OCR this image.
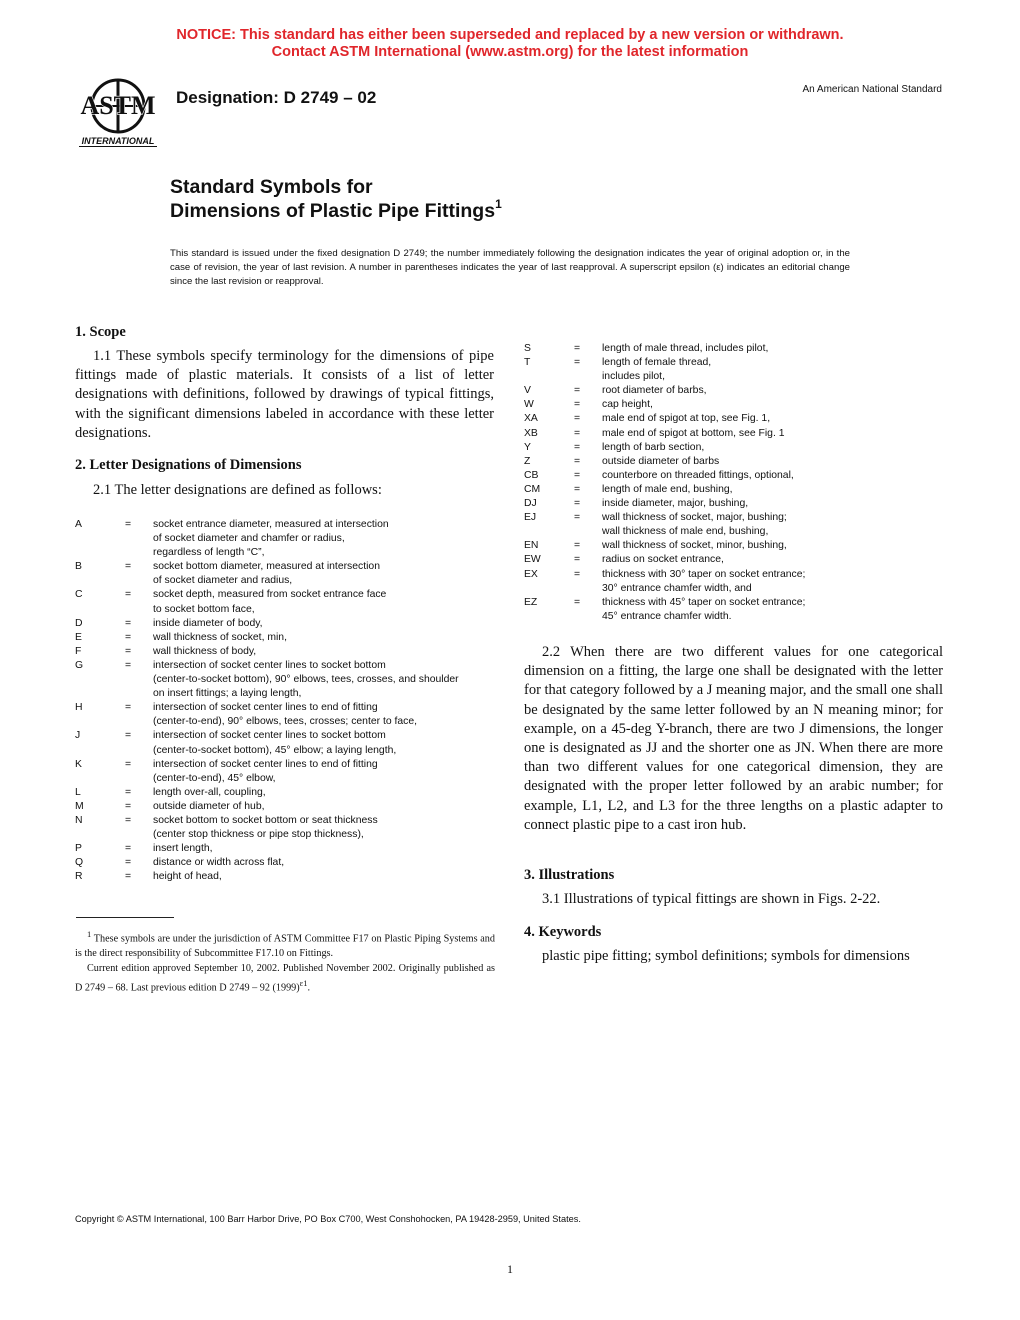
NOTICE: This standard has either been superseded and replaced by a new version or withdrawn.
Contact ASTM International (www.astm.org) for the latest information
ASTM
INTERNATIONAL
Designation: D 2749 – 02	An American National Standard
Standard Symbols for
Dimensions of Plastic Pipe Fittings$^1$
This standard is issued under the fixed designation D 2749; the number immediately following the designation indicates the year of original adoption or, in the case of revision, the year of last revision. A number in parentheses indicates the year of last reapproval. A superscript epsilon (ε) indicates an editorial change since the last revision or reapproval.
1. Scope
1.1 These symbols specify terminology for the dimensions of pipe fittings made of plastic materials. It consists of a list of letter designations with definitions, followed by drawings of typical fittings, with the significant dimensions labeled in accordance with these letter designations.
2. Letter Designations of Dimensions
2.1 The letter designations are defined as follows:
A	=	socket entrance diameter, measured at intersection
of socket diameter and chamfer or radius,
regardless of length “C”,
B	=	socket bottom diameter, measured at intersection
of socket diameter and radius,
C	=	socket depth, measured from socket entrance face
to socket bottom face,
D	=	inside diameter of body,
E	=	wall thickness of socket, min,
F	=	wall thickness of body,
G	=	intersection of socket center lines to socket bottom
(center-to-socket bottom), 90° elbows, tees, crosses, and shoulder
on insert fittings; a laying length,
H	=	intersection of socket center lines to end of fitting
(center-to-end), 90° elbows, tees, crosses; center to face,
J	=	intersection of socket center lines to socket bottom
(center-to-socket bottom), 45° elbow; a laying length,
K	=	intersection of socket center lines to end of fitting
(center-to-end), 45° elbow,
L	=	length over-all, coupling,
M	=	outside diameter of hub,
N	=	socket bottom to socket bottom or seat thickness
(center stop thickness or pipe stop thickness),
P	=	insert length,
Q	=	distance or width across flat,
R	=	height of head,

$^1$ These symbols are under the jurisdiction of ASTM Committee F17 on Plastic Piping Systems and is the direct responsibility of Subcommittee F17.10 on Fittings.

Current edition approved September 10, 2002. Published November 2002. Originally published as D 2749 – 68. Last previous edition D 2749 – 92 $(1999)^{\varepsilon 1}$.

S	=	length of male thread, includes pilot,
T	=	length of female thread,
includes pilot,
V	=	root diameter of barbs,
W	=	cap height,
XA	=	male end of spigot at top, see Fig. 1,
XB	=	male end of spigot at bottom, see Fig. 1
Y	=	length of barb section,
Z	=	outside diameter of barbs
CB	=	counterbore on threaded fittings, optional,
CM	=	length of male end, bushing,
DJ	=	inside diameter, major, bushing,
EJ	=	wall thickness of socket, major, bushing;
wall thickness of male end, bushing,
EN	=	wall thickness of socket, minor, bushing,
EW	=	radius on socket entrance,
EX	=	thickness with 30° taper on socket entrance;
30° entrance chamfer width, and
EZ	=	thickness with 45° taper on socket entrance;
45° entrance chamfer width.
2.2 When there are two different values for one categorical dimension on a fitting, the large one shall be designated with the letter for that category followed by a J meaning major, and the small one shall be designated by the same letter followed by an N meaning minor; for example, on a 45-deg Y-branch, there are two J dimensions, the longer one is designated as JJ and the shorter one as JN. When there are more than two different values for one categorical dimension, they are designated with the proper letter followed by an arabic number; for example, L1, L2, and L3 for the three lengths on a plastic adapter to connect plastic pipe to a cast iron hub.
3. Illustrations
3.1 Illustrations of typical fittings are shown in Figs. 2-22.
4. Keywords
plastic pipe fitting; symbol definitions; symbols for dimensions
Copyright © ASTM International, 100 Barr Harbor Drive, PO Box C700, West Conshohocken, PA 19428-2959, United States.
1
